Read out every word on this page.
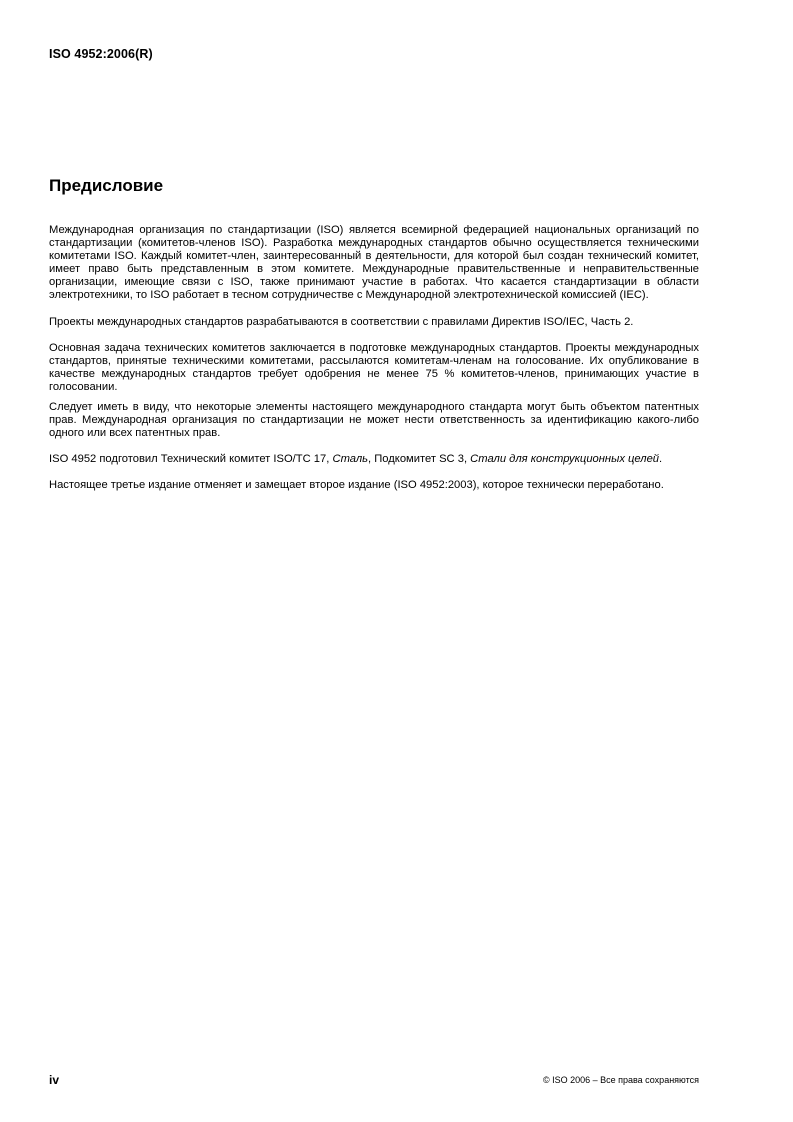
ISO 4952:2006(R)
Предисловие

Международная организация по стандартизации (ISO) является всемирной федерацией национальных организаций по стандартизации (комитетов-членов ISO). Разработка международных стандартов обычно осуществляется техническими комитетами ISO. Каждый комитет-член, заинтересованный в деятельности, для которой был создан технический комитет, имеет право быть представленным в этом комитете. Международные правительственные и неправительственные организации, имеющие связи с ISO, также принимают участие в работах. Что касается стандартизации в области электротехники, то ISO работает в тесном сотрудничестве с Международной электротехнической комиссией (IEC).

Проекты международных стандартов разрабатываются в соответствии с правилами Директив ISO/IEC, Часть 2.

Основная задача технических комитетов заключается в подготовке международных стандартов. Проекты международных стандартов, принятые техническими комитетами, рассылаются комитетам-членам на голосование. Их опубликование в качестве международных стандартов требует одобрения не менее 75 % комитетов-членов, принимающих участие в голосовании.

Следует иметь в виду, что некоторые элементы настоящего международного стандарта могут быть объектом патентных прав. Международная организация по стандартизации не может нести ответственность за идентификацию какого-либо одного или всех патентных прав.

ISO 4952 подготовил Технический комитет ISO/TC 17, Сталь, Подкомитет SC 3, Стали для конструкционных целей.

Настоящее третье издание отменяет и замещает второе издание (ISO 4952:2003), которое технически переработано.

iv	© ISO 2006 – Все права сохраняются
